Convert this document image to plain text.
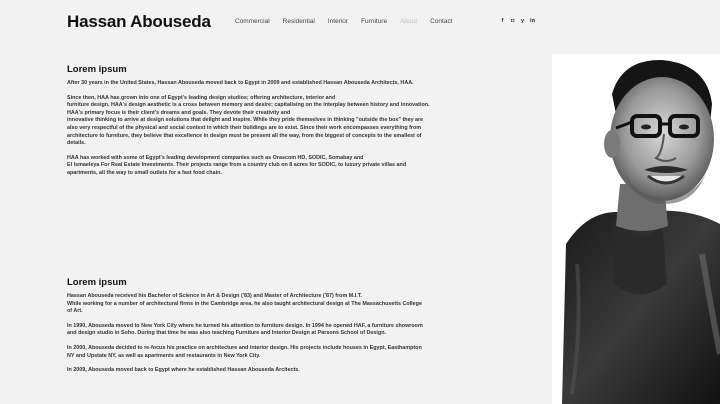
Hassan Abouseda	Commercial Residential Interior Furniture About Contact	f ◘ y in
Lorem ipsum

After 30 years in the United States, Hassan Abouseda moved back to Egypt in 2009 and established Hassan Abouseda Architects, HAA.

Since then, HAA has grown into one of Egypt's leading design studios; offering architecture, interior and
furniture design. HAA's design aesthetic is a cross between memory and desire; capitalising on the interplay between history and innovation.
HAA's primary focus is their client's dreams and goals. They devote their creativity and
innovative thinking to arrive at design solutions that delight and inspire. While they pride themselves in thinking "outside the box" they are
also very respectful of the physical and social context in which their buildings are to exist. Since their work encompasses everything from
architecture to furniture, they believe that excellence in design must be present all the way, from the biggest of concepts to the smallest of
details.

HAA has worked with some of Egypt's leading development companies such as Orascom HD, SODIC, Somabay and
El Ismaeleya For Real Estate Investments. Their projects range from a country club on 8 acres for SODIC, to luxury private villas and
apartments, all the way to small outlets for a fast food chain.

Lorem ipsum

Hassan Abouseda received his Bachelor of Science in Art & Design ('83) and Master of Architecture ('87) from M.I.T.
While working for a number of architectural firms in the Cambridge area, he also taught architectural design at The Massachusetts College
of Art.

In 1990, Abouseda moved to New York City where he turned his attention to furniture design. In 1994 he opened HAF, a furniture showroom
and design studio in Soho. During that time he was also teaching Furniture and Interior Design at Parsons School of Design.

In 2000, Abouseda decided to re-focus his practice on architecture and interior design. His projects include houses in Egypt, Easthampton
NY and Upstate NY, as well as apartments and restaurants in New York City.

In 2009, Abouseda moved back to Egypt where he established Hassan Abouseda Arcitects.
